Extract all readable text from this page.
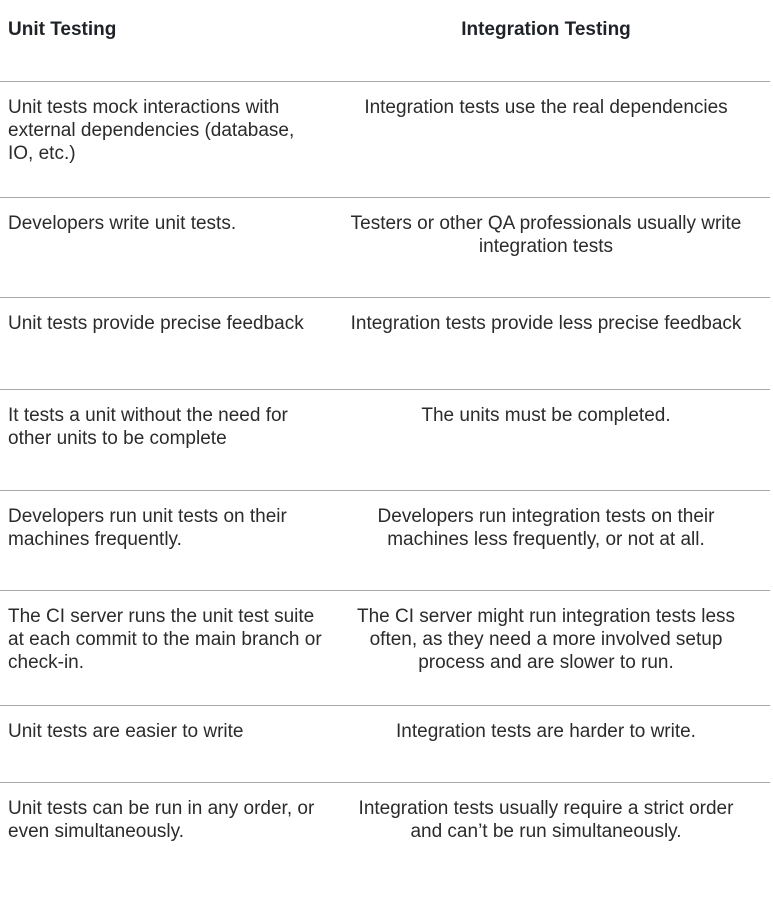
Unit Testing	Integration Testing
Unit tests mock interactions with external dependencies (database, IO, etc.)	Integration tests use the real dependencies
Developers write unit tests.	Testers or other QA professionals usually write integration tests
Unit tests provide precise feedback	Integration tests provide less precise feedback
It tests a unit without the need for other units to be complete	The units must be completed.
Developers run unit tests on their machines frequently.	Developers run integration tests on their machines less frequently, or not at all.
The CI server runs the unit test suite at each commit to the main branch or check-in.	The CI server might run integration tests less often, as they need a more involved setup process and are slower to run.
Unit tests are easier to write	Integration tests are harder to write.
Unit tests can be run in any order, or even simultaneously.	Integration tests usually require a strict order and can’t be run simultaneously.
